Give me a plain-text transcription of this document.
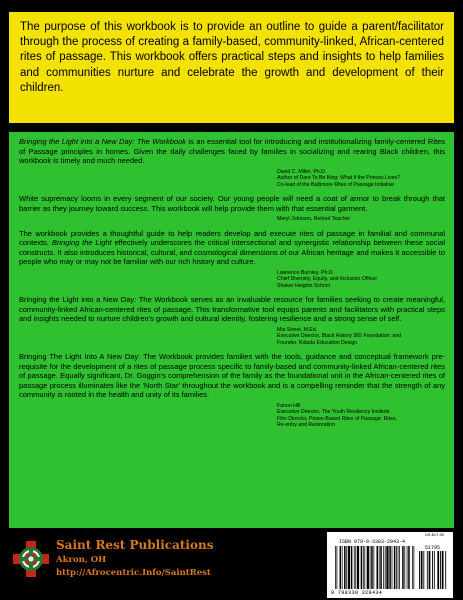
The purpose of this workbook is to provide an outline to guide a parent/facilitator through the process of creating a family-based, community-linked, African-centered rites of passage. This workbook offers practical steps and insights to help families and communities nurture and celebrate the growth and development of their children.

Bringing the Light into a New Day: The Workbook is an essential tool for introducing and institutionalizing family-centered Rites of Passage principles in homes. Given the daily challenges faced by families in socializing and rearing Black children, this workbook is timely and much needed.

David C. Miller, Ph.D.
Author of Dare To Be King: What if the Princes Lives?
Co-lead of the Baltimore Rites of Passage Initiative

White supremacy looms in every segment of our society. Our young people will need a coat of armor to break through that barrier as they journey toward success. This workbook will help provide them with that essential garment.

Meryl Johnson, Retired Teacher

The workbook provides a thoughtful guide to help readers develop and execute rites of passage in familial and communal contexts. Bringing the Light effectively underscores the critical intersectional and synergistic relationship between these social constructs. It also introduces historical, cultural, and cosmological dimensions of our African heritage and makes it accessible to people who may or may not be familiar with our rich history and culture.

Lawrence Burnley, Ph.D.
Chief Diversity, Equity, and Inclusion Officer
Shaker Heights School

Bringing the Light into a New Day: The Workbook serves as an invaluable resource for families seeking to create meaningful, community-linked African-centered rites of passage. This transformative tool equips parents and facilitators with practical steps and insights needed to nurture children's growth and cultural identity, fostering resilience and a strong sense of self.

Mia Street, M.Ed.
Executive Director, Black History 365 Foundation; and
Founder, Kidada Education Design

Bringing The Light Into A New Day: The Workbook provides families with the tools, guidance and conceptual framework pre-requisite for the development of a rites of passage process specific to family-based and community-linked African-centered rites of passage. Equally significant, Dr. Goggin's comprehension of the family as the foundational unit in the African-centered rites of passage process illuminates like the 'North Star' throughout the workbook and is a compelling reminder that the strength of any community is rooted in the health and unity of its families.

Fanon Hill
Executive Director, The Youth Resiliency Institute
Film Director, Prison-Based Rites of Passage: Rites,
Re-entry and Restoration
Saint Rest Publications
Akron, OH
http://Afrocentric.Info/SaintRest
US $17.95
ISBN 979-8-3303-2943-4
51795
9 798330 329434
